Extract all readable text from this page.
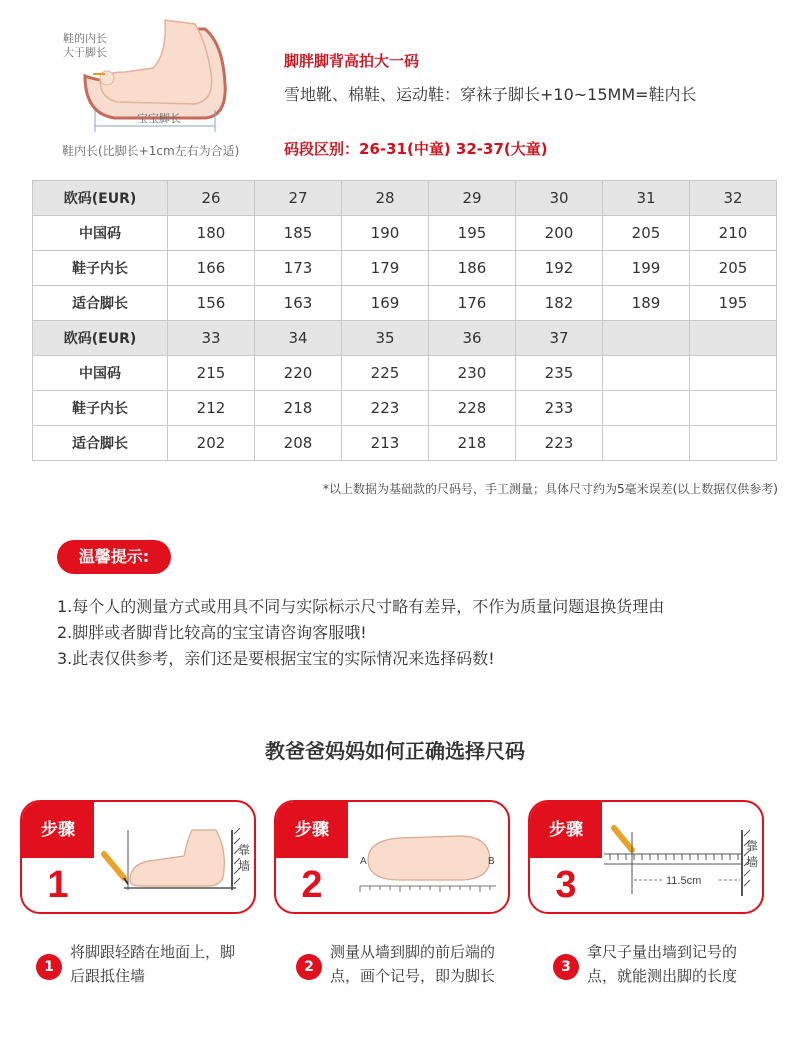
鞋的内长
大于脚长
宝宝脚长
鞋内长(比脚长+1cm左右为合适)
脚胖脚背高拍大一码
雪地靴、棉鞋、运动鞋：穿袜子脚长+10~15MM=鞋内长
码段区别：26-31(中童) 32-37(大童)
欧码(EUR)	26	27	28	29	30	31	32
中国码	180	185	190	195	200	205	210
鞋子内长	166	173	179	186	192	199	205
适合脚长	156	163	169	176	182	189	195
欧码(EUR)	33	34	35	36	37		
中国码	215	220	225	230	235		
鞋子内长	212	218	223	228	233		
适合脚长	202	208	213	218	223		
*以上数据为基础款的尺码号，手工测量；具体尺寸约为5毫米误差(以上数据仅供参考)
温馨提示:

1.每个人的测量方式或用具不同与实际标示尺寸略有差异，不作为质量问题退换货理由

2.脚胖或者脚背比较高的宝宝请咨询客服哦!

3.此表仅供参考，亲们还是要根据宝宝的实际情况来选择码数!

教爸爸妈妈如何正确选择尺码
步骤
1
靠
墙
步骤
2
A	B
步骤
3	11.5cm
靠
墙
1
将脚跟轻踏在地面上，脚后跟抵住墙	2
测量从墙到脚的前后端的点，画个记号，即为脚长	3
拿尺子量出墙到记号的点，就能测出脚的长度
